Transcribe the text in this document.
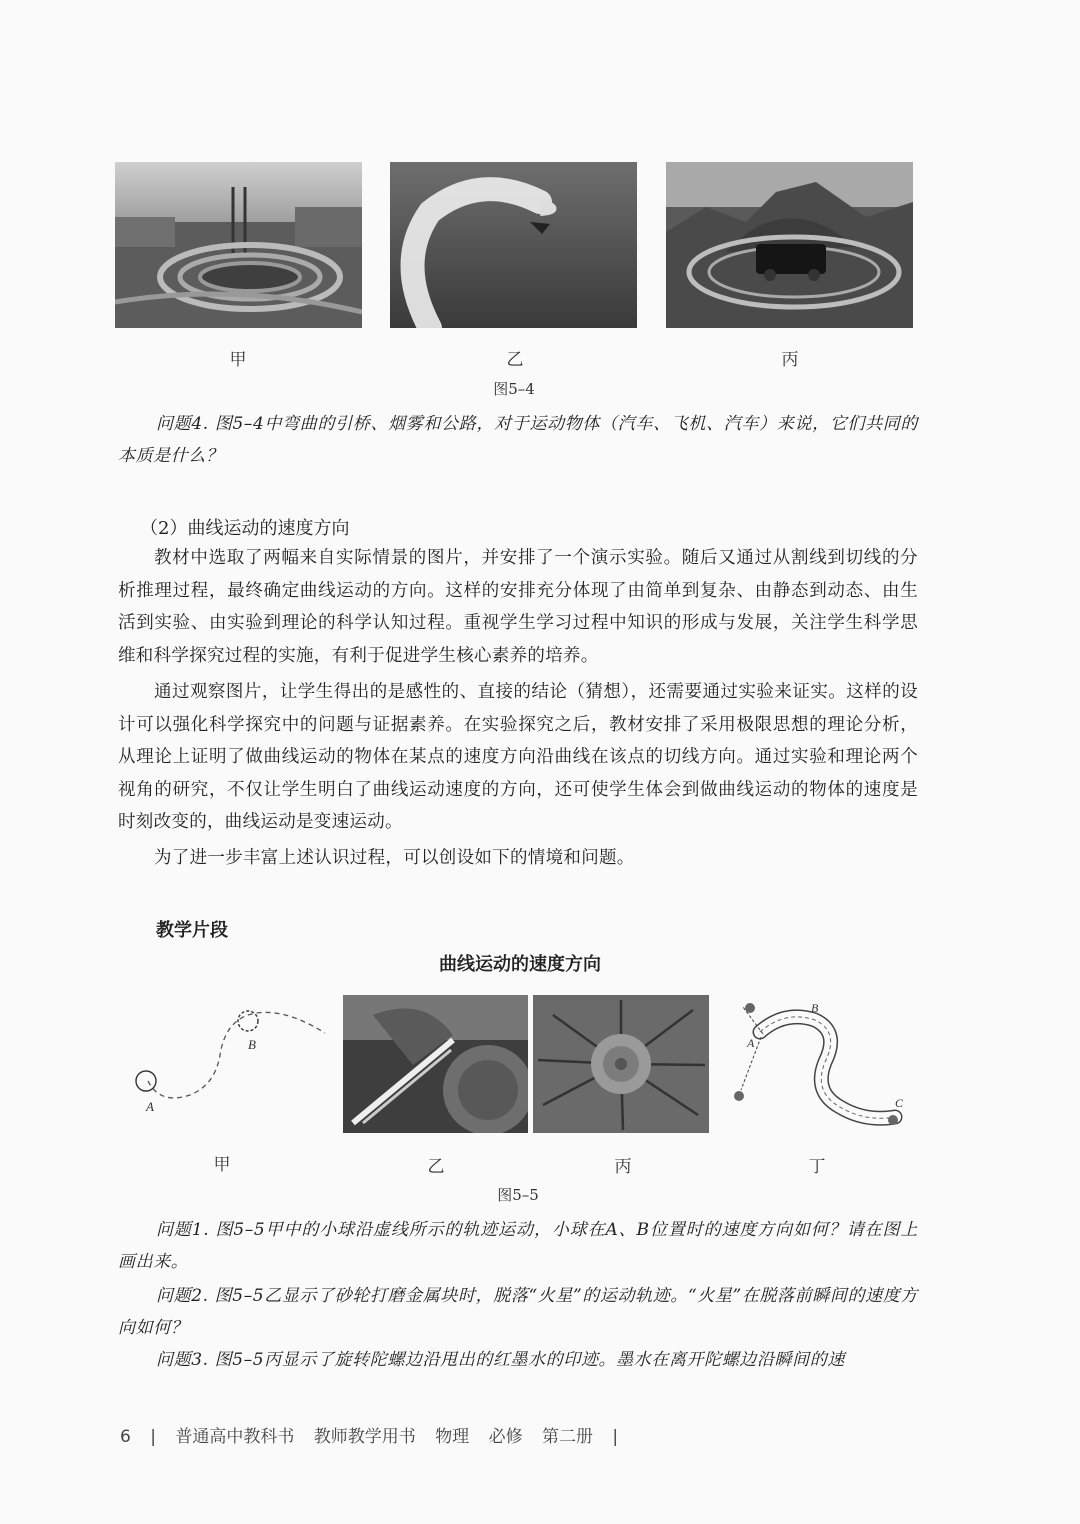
甲	乙	丙
图5–4

问题4. 图5–4中弯曲的引桥、烟雾和公路，对于运动物体（汽车、飞机、汽车）来说，它们共同的本质是什么？

（2）曲线运动的速度方向

教材中选取了两幅来自实际情景的图片，并安排了一个演示实验。随后又通过从割线到切线的分析推理过程，最终确定曲线运动的方向。这样的安排充分体现了由简单到复杂、由静态到动态、由生活到实验、由实验到理论的科学认知过程。重视学生学习过程中知识的形成与发展，关注学生科学思维和科学探究过程的实施，有利于促进学生核心素养的培养。

通过观察图片，让学生得出的是感性的、直接的结论（猜想），还需要通过实验来证实。这样的设计可以强化科学探究中的问题与证据素养。在实验探究之后，教材安排了采用极限思想的理论分析，从理论上证明了做曲线运动的物体在某点的速度方向沿曲线在该点的切线方向。通过实验和理论两个视角的研究，不仅让学生明白了曲线运动速度的方向，还可使学生体会到做曲线运动的物体的速度是时刻改变的，曲线运动是变速运动。

为了进一步丰富上述认识过程，可以创设如下的情境和问题。

教学片段
曲线运动的速度方向
A
B
B
A
C
甲	乙	丙	丁
图5–5

问题1. 图5–5甲中的小球沿虚线所示的轨迹运动，小球在A、B位置时的速度方向如何？请在图上画出来。

问题2. 图5–5乙显示了砂轮打磨金属块时，脱落“火星”的运动轨迹。“火星”在脱落前瞬间的速度方向如何？

问题3. 图5–5丙显示了旋转陀螺边沿甩出的红墨水的印迹。墨水在离开陀螺边沿瞬间的速

6 | 普通高中教科书 教师教学用书 物理 必修 第二册 |
